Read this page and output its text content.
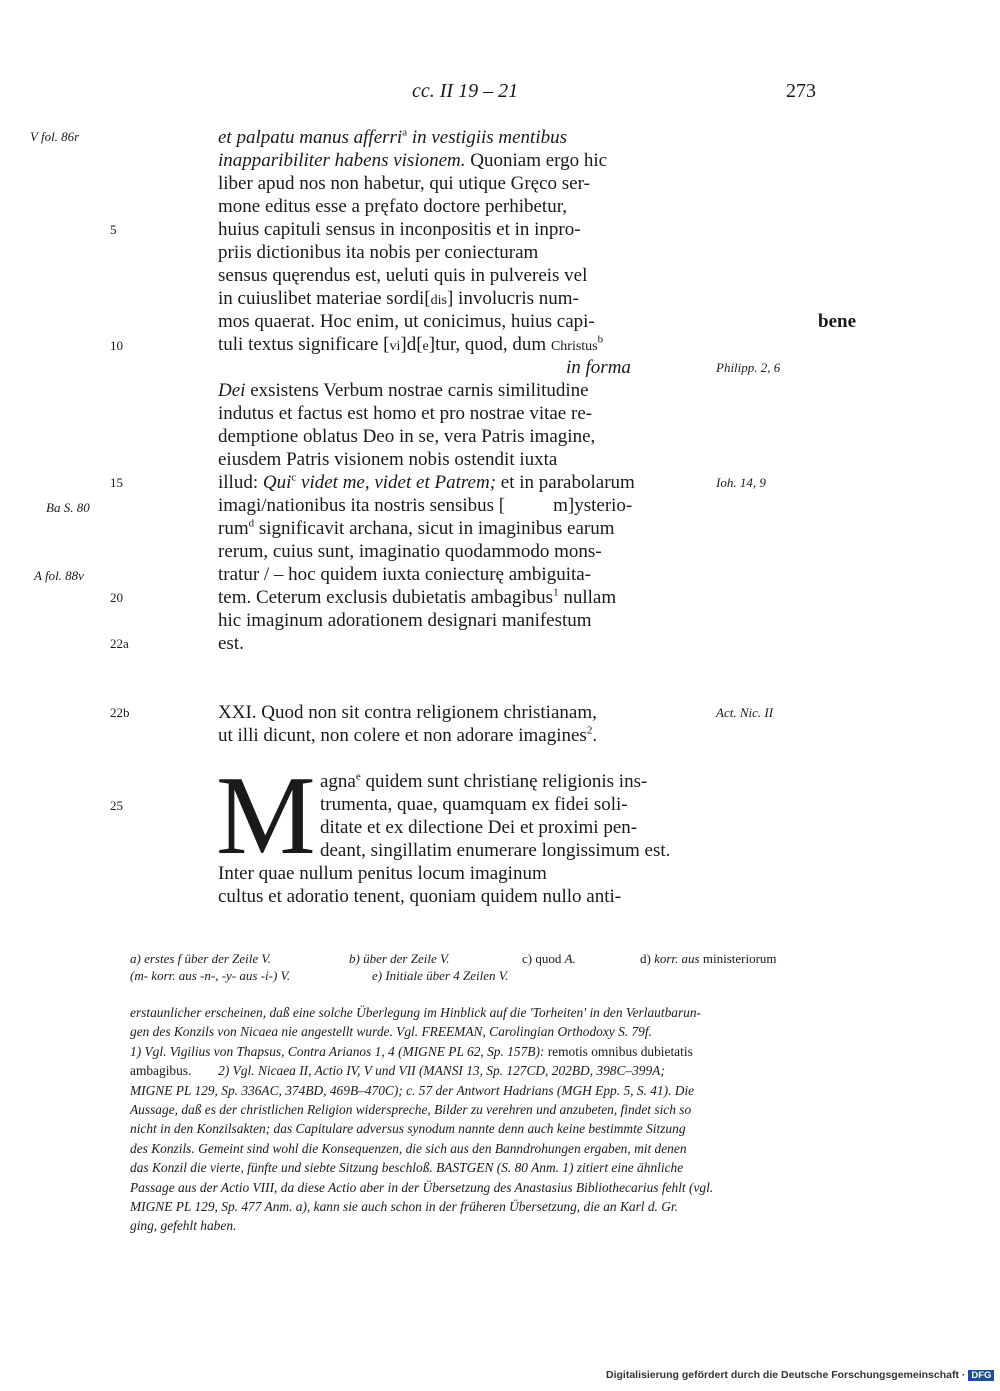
cc. II 19 – 21	273
V fol. 86r
Ba S. 80
A fol. 88v
5
10
15
20
22a
22b
25
Philipp. 2, 6
Ioh. 14, 9
Act. Nic. II
bene
et palpatu manus afferri$^a$ in vestigiis mentibus
inapparibiliter habens visionem. Quoniam ergo hic
liber apud nos non habetur, qui utique Gręco ser-
mone editus esse a pręfato doctore perhibetur,
huius capituli sensus in inconpositis et in inpro-
priis dictionibus ita nobis per coniecturam
sensus quęrendus est, ueluti quis in pulvereis vel
in cuiuslibet materiae sordi[dis] involucris num-
mos quaerat. Hoc enim, ut conicimus, huius capi-
tuli textus significare [vi]d[e]tur, quod, dum Christus$^b$
in forma
Dei exsistens Verbum nostrae carnis similitudine
indutus et factus est homo et pro nostrae vitae re-
demptione oblatus Deo in se, vera Patris imagine,
eiusdem Patris visionem nobis ostendit iuxta
illud: Qui$^c$ videt me, videt et Patrem; et in parabolarum
imagi/nationibus ita nostris sensibus [	m]ysterio-
rum$^d$ significavit archana, sicut in imaginibus earum
rerum, cuius sunt, imaginatio quodammodo mons-
tratur / – hoc quidem iuxta coniecturę ambiguita-
tem. Ceterum exclusis dubietatis ambagibus$^1$ nullam
hic imaginum adorationem designari manifestum
est.
XXI. Quod non sit contra religionem christianam,
ut illi dicunt, non colere et non adorare imagines$^2$.
M agna$^e$ quidem sunt christianę religionis ins-
trumenta, quae, quamquam ex fidei soli-
ditate et ex dilectione Dei et proximi pen-
deant, singillatim enumerare longissimum est.
Inter quae nullum penitus locum imaginum
cultus et adoratio tenent, quoniam quidem nullo anti-
a) erstes f über der Zeile V.	b) über der Zeile V.	c) quod A.	d) korr. aus ministeriorum
(m- korr. aus -n-, -y- aus -i-) V.	e) Initiale über 4 Zeilen V.
erstaunlicher erscheinen, daß eine solche Überlegung im Hinblick auf die 'Torheiten' in den Verlautbarun-
gen des Konzils von Nicaea nie angestellt wurde. Vgl. FREEMAN, Carolingian Orthodoxy S. 79f.
1) Vgl. Vigilius von Thapsus, Contra Arianos 1, 4 (MIGNE PL 62, Sp. 157B): remotis omnibus dubietatis
ambagibus.        2) Vgl. Nicaea II, Actio IV, V und VII (MANSI 13, Sp. 127CD, 202BD, 398C–399A;
MIGNE PL 129, Sp. 336AC, 374BD, 469B–470C); c. 57 der Antwort Hadrians (MGH Epp. 5, S. 41). Die
Aussage, daß es der christlichen Religion widerspreche, Bilder zu verehren und anzubeten, findet sich so
nicht in den Konzilsakten; das Capitulare adversus synodum nannte denn auch keine bestimmte Sitzung
des Konzils. Gemeint sind wohl die Konsequenzen, die sich aus den Banndrohungen ergaben, mit denen
das Konzil die vierte, fünfte und siebte Sitzung beschloß. BASTGEN (S. 80 Anm. 1) zitiert eine ähnliche
Passage aus der Actio VIII, da diese Actio aber in der Übersetzung des Anastasius Bibliothecarius fehlt (vgl.
MIGNE PL 129, Sp. 477 Anm. a), kann sie auch schon in der früheren Übersetzung, die an Karl d. Gr.
ging, gefehlt haben.
Digitalisierung gefördert durch die Deutsche Forschungsgemeinschaft · DFG
